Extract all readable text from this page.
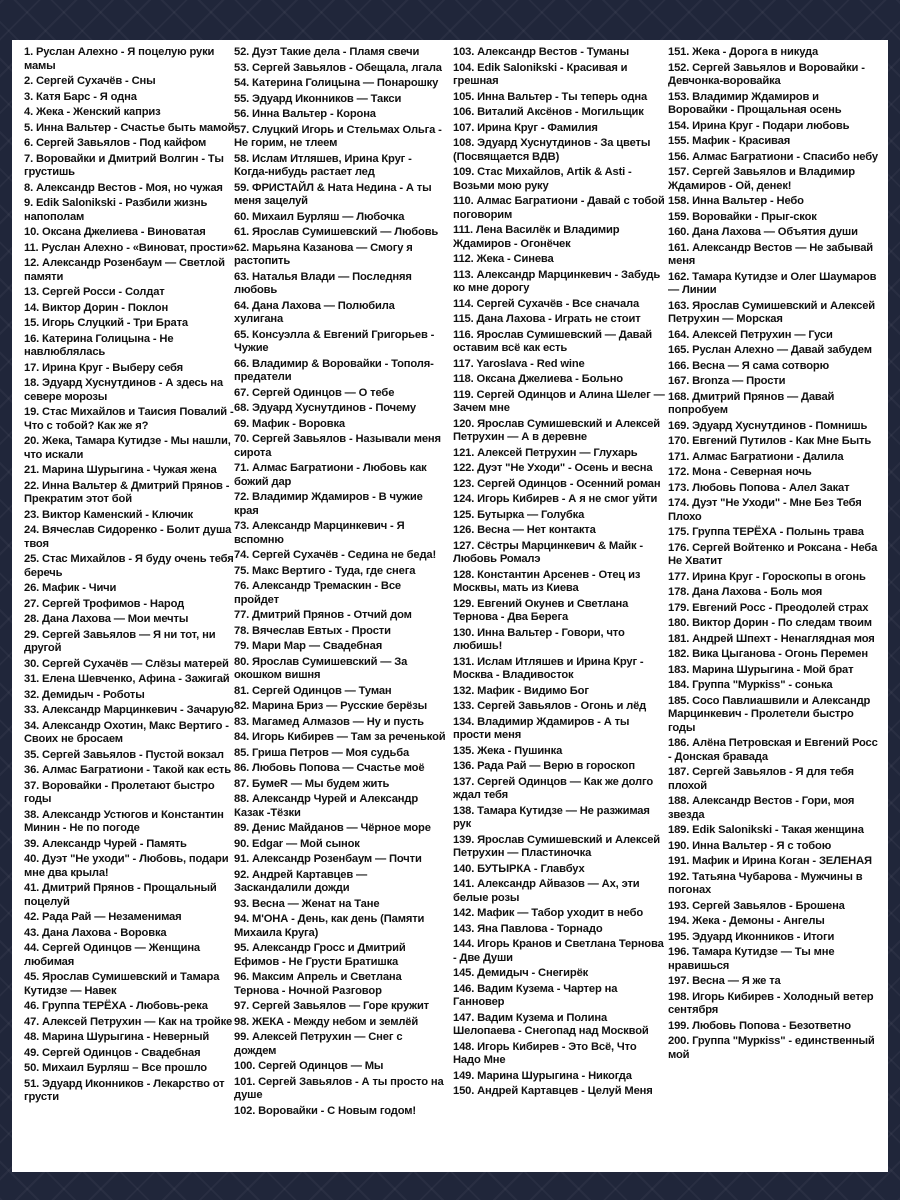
1. Руслан Алехно - Я поцелую руки мамы
2. Сергей Сухачёв - Сны
3. Катя Барс - Я одна
4. Жека - Женский каприз
5. Инна Вальтер - Счастье быть мамой
6. Сергей Завьялов - Под кайфом
7. Воровайки и Дмитрий Волгин - Ты грустишь
8. Александр Вестов - Моя, но чужая
9. Edik Salonikski - Разбили жизнь напополам
10. Оксана Джелиева - Виноватая
11. Руслан Алехно - «Виноват, прости»
12. Александр Розенбаум — Светлой памяти
13. Сергей Росси - Солдат
14. Виктор Дорин - Поклон
15. Игорь Слуцкий - Три Брата
16. Катерина Голицына - Не навлюблялась
17. Ирина Круг - Выберу себя
18. Эдуард Хуснутдинов - А здесь на севере морозы
19. Стас Михайлов и Таисия Повалий - Что с тобой? Как же я?
20. Жека, Тамара Кутидзе - Мы нашли, что искали
21. Марина Шурыгина - Чужая жена
22. Инна Вальтер & Дмитрий Прянов - Прекратим этот бой
23. Виктор Каменский - Ключик
24. Вячеслав Сидоренко - Болит душа твоя
25. Стас Михайлов - Я буду очень тебя беречь
26. Мафик - Чичи
27. Сергей Трофимов - Народ
28. Дана Лахова — Мои мечты
29. Сергей Завьялов — Я ни тот, ни другой
30. Сергей Сухачёв — Слёзы матерей
31. Елена Шевченко, Афина - Зажигай
32. Демидыч - Роботы
33. Александр Марцинкевич - Зачарую
34. Александр Охотин, Макс Вертиго - Своих не бросаем
35. Сергей Завьялов - Пустой вокзал
36. Алмас Багратиони - Такой как есть
37. Воровайки - Пролетают быстро годы
38. Александр Устюгов и Константин Минин - Не по погоде
39. Александр Чурей - Память
40. Дуэт "Не уходи" - Любовь, подари мне два крыла!
41. Дмитрий Прянов - Прощальный поцелуй
42. Рада Рай — Незаменимая
43. Дана Лахова - Воровка
44. Сергей Одинцов — Женщина любимая
45. Ярослав Сумишевский и Тамара Кутидзе — Навек
46. Группа ТЕРЁХА - Любовь-река
47. Алексей Петрухин — Как на тройке
48. Марина Шурыгина - Неверный
49. Сергей Одинцов - Свадебная
50. Михаил Бурляш – Все прошло
51. Эдуард Иконников - Лекарство от грусти
52. Дуэт Такие дела - Пламя свечи
53. Сергей Завьялов - Обещала, лгала
54. Катерина Голицына — Понарошку
55. Эдуард Иконников — Такси
56. Инна Вальтер - Корона
57. Слуцкий Игорь и Стельмах Ольга - Не горим, не тлеем
58. Ислам Итляшев, Ирина Круг - Когда-нибудь растает лед
59. ФРИСТАЙЛ & Ната Недина - А ты меня зацелуй
60. Михаил Бурляш — Любочка
61. Ярослав Сумишевский — Любовь
62. Марьяна Казанова — Смогу я растопить
63. Наталья Влади — Последняя любовь
64. Дана Лахова — Полюбила хулигана
65. Консуэлла & Евгений Григорьев - Чужие
66. Владимир & Воровайки - Тополя-предатели
67. Сергей Одинцов — О тебе
68. Эдуард Хуснутдинов - Почему
69. Мафик - Воровка
70. Сергей Завьялов - Называли меня сирота
71. Алмас Багратиони - Любовь как божий дар
72. Владимир Ждамиров - В чужие края
73. Александр Марцинкевич - Я вспомню
74. Сергей Сухачёв - Седина не беда!
75. Макс Вертиго - Туда, где снега
76. Александр Тремаскин - Все пройдет
77. Дмитрий Прянов - Отчий дом
78. Вячеслав Евтых - Прости
79. Мари Мар — Свадебная
80. Ярослав Сумишевский — За окошком вишня
81. Сергей Одинцов — Туман
82. Марина Бриз — Русские берёзы
83. Магамед Алмазов — Ну и пусть
84. Игорь Кибирев — Там за реченькой
85. Гриша Петров — Моя судьба
86. Любовь Попова — Счастье моё
87. БумеR — Мы будем жить
88. Александр Чурей и Александр Казак -Тёзки
89. Денис Майданов — Чёрное море
90. Edgar — Мой сынок
91. Александр Розенбаум — Почти
92. Андрей Картавцев — Заскандалили дожди
93. Весна — Женат на Тане
94. М'ОНА - День, как день (Памяти Михаила Круга)
95. Александр Гросс и Дмитрий Ефимов - Не Грусти Братишка
96. Максим Апрель и Светлана Тернова - Ночной Разговор
97. Сергей Завьялов — Горе кружит
98. ЖЕКА - Между небом и землёй
99. Алексей Петрухин — Снег с дождем
100. Сергей Одинцов — Мы
101. Сергей Завьялов - А ты просто на душе
102. Воровайки - С Новым годом!
103. Александр Вестов - Туманы
104. Edik Salonikski - Красивая и грешная
105. Инна Вальтер - Ты теперь одна
106. Виталий Аксёнов - Могильщик
107. Ирина Круг - Фамилия
108. Эдуард Хуснутдинов - За цветы (Посвящается ВДВ)
109. Стас Михайлов, Artik & Asti - Возьми мою руку
110. Алмас Багратиони - Давай с тобой поговорим
111. Лена Василёк и Владимир Ждамиров - Огонёчек
112. Жека - Синева
113. Александр Марцинкевич - Забудь ко мне дорогу
114. Сергей Сухачёв - Все сначала
115. Дана Лахова - Играть не стоит
116. Ярослав Сумишевский — Давай оставим всё как есть
117. Yaroslava - Red wine
118. Оксана Джелиева - Больно
119. Сергей Одинцов и Алина Шелег — Зачем мне
120. Ярослав Сумишевский и Алексей Петрухин — А в деревне
121. Алексей Петрухин — Глухарь
122. Дуэт "Не Уходи" - Осень и весна
123. Сергей Одинцов - Осенний роман
124. Игорь Кибирев - А я не смог уйти
125. Бутырка — Голубка
126. Весна — Нет контакта
127. Сёстры Марцинкевич & Майк - Любовь Ромалэ
128. Константин Арсенев - Отец из Москвы, мать из Киева
129. Евгений Окунев и Светлана Тернова - Два Берега
130. Инна Вальтер - Говори, что любишь!
131. Ислам Итляшев и Ирина Круг - Москва - Владивосток
132. Мафик - Видимо Бог
133. Сергей Завьялов - Огонь и лёд
134. Владимир Ждамиров - А ты прости меня
135. Жека - Пушинка
136. Рада Рай — Верю в гороскоп
137. Сергей Одинцов — Как же долго ждал тебя
138. Тамара Кутидзе — Не разжимая рук
139. Ярослав Сумишевский и Алексей Петрухин — Пластиночка
140. БУТЫРКА - Главбух
141. Александр Айвазов — Ах, эти белые розы
142. Мафик — Табор уходит в небо
143. Яна Павлова - Торнадо
144. Игорь Кранов и Светлана Тернова - Две Души
145. Демидыч - Снегирёк
146. Вадим Кузема - Чартер на Ганновер
147. Вадим Кузема и Полина Шелопаева - Снегопад над Москвой
148. Игорь Кибирев - Это Всё, Что Надо Мне
149. Марина Шурыгина - Никогда
150. Андрей Картавцев - Целуй Меня
151. Жека - Дорога в никуда
152. Сергей Завьялов и Воровайки - Девчонка-воровайка
153. Владимир Ждамиров и Воровайки - Прощальная осень
154. Ирина Круг - Подари любовь
155. Мафик - Красивая
156. Алмас Багратиони - Спасибо небу
157. Сергей Завьялов и Владимир Ждамиров - Ой, денек!
158. Инна Вальтер - Небо
159. Воровайки - Прыг-скок
160. Дана Лахова — Объятия души
161. Александр Вестов — Не забывай меня
162. Тамара Кутидзе и Олег Шаумаров — Линии
163. Ярослав Сумишевский и Алексей Петрухин — Морская
164. Алексей Петрухин — Гуси
165. Руслан Алехно — Давай забудем
166. Весна — Я сама сотворю
167. Bronza — Прости
168. Дмитрий Прянов — Давай попробуем
169. Эдуард Хуснутдинов - Помнишь
170. Евгений Путилов - Как Мне Быть
171. Алмас Багратиони - Далила
172. Мона - Северная ночь
173. Любовь Попова - Алел Закат
174. Дуэт "Не Уходи" - Мне Без Тебя Плохо
175. Группа ТЕРЁХА - Полынь трава
176. Сергей Войтенко и Роксана - Неба Не Хватит
177. Ирина Круг - Гороскопы в огонь
178. Дана Лахова - Боль моя
179. Евгений Росс - Преодолей страх
180. Виктор Дорин - По следам твоим
181. Андрей Шпехт - Ненаглядная моя
182. Вика Цыганова - Огонь Перемен
183. Марина Шурыгина - Мой брат
184. Группа "Муркiss" - сонька
185. Сосо Павлиашвили и Александр Марцинкевич - Пролетели быстро годы
186. Алёна Петровская и Евгений Росс - Донская бравада
187. Сергей Завьялов - Я для тебя плохой
188. Александр Вестов - Гори, моя звезда
189. Edik Salonikski - Такая женщина
190. Инна Вальтер - Я с тобою
191. Мафик и Ирина Коган - ЗЕЛЕНАЯ
192. Татьяна Чубарова - Мужчины в погонах
193. Сергей Завьялов - Брошена
194. Жека - Демоны - Ангелы
195. Эдуард Иконников - Итоги
196. Тамара Кутидзе — Ты мне нравишься
197. Весна — Я же та
198. Игорь Кибирев - Холодный ветер сентября
199. Любовь Попова - Безответно
200. Группа "Муркiss" - единственный мой
